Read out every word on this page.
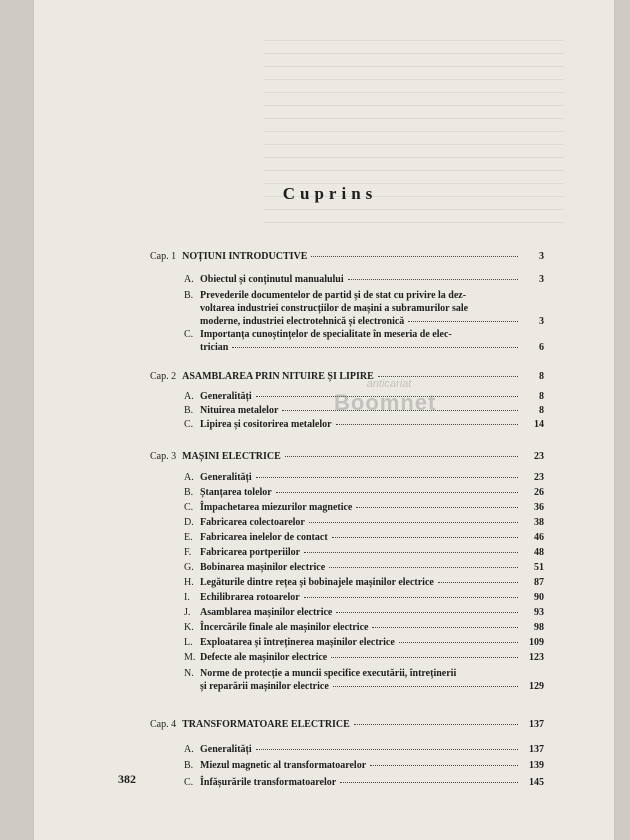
Cuprins
Cap. 1 NOȚIUNI INTRODUCTIVE	3
A. Obiectul și conținutul manualului	3
B. Prevederile documentelor de partid și de stat cu privire la dez-
voltarea industriei construcțiilor de mașini a subramurilor sale
moderne, industriei electrotehnică și electronică	3
C. Importanța cunoștințelor de specialitate în meseria de elec-
trician	6
Cap. 2 ASAMBLAREA PRIN NITUIRE ȘI LIPIRE	8
A. Generalități	8
B. Nituirea metalelor	8
C. Lipirea și cositorirea metalelor	14
Cap. 3 MAȘINI ELECTRICE	23
A. Generalități	23
B. Ștanțarea tolelor	26
C. Împachetarea miezurilor magnetice	36
D. Fabricarea colectoarelor	38
E. Fabricarea inelelor de contact	46
F. Fabricarea portperiilor	48
G. Bobinarea mașinilor electrice	51
H. Legăturile dintre rețea și bobinajele mașinilor electrice	87
I.	Echilibrarea rotoarelor	90
J. Asamblarea mașinilor electrice	93
K. Încercările finale ale mașinilor electrice	98
L. Exploatarea și întreținerea mașinilor electrice	109
M. Defecte ale mașinilor electrice	123
N. Norme de protecție a muncii specifice executării, întreținerii
și reparării mașinilor electrice	129
Cap. 4 TRANSFORMATOARE ELECTRICE	137
A. Generalități	137
B. Miezul magnetic al transformatoarelor	139
C. Înfășurările transformatoarelor	145
382
anticariat
Boomnet
